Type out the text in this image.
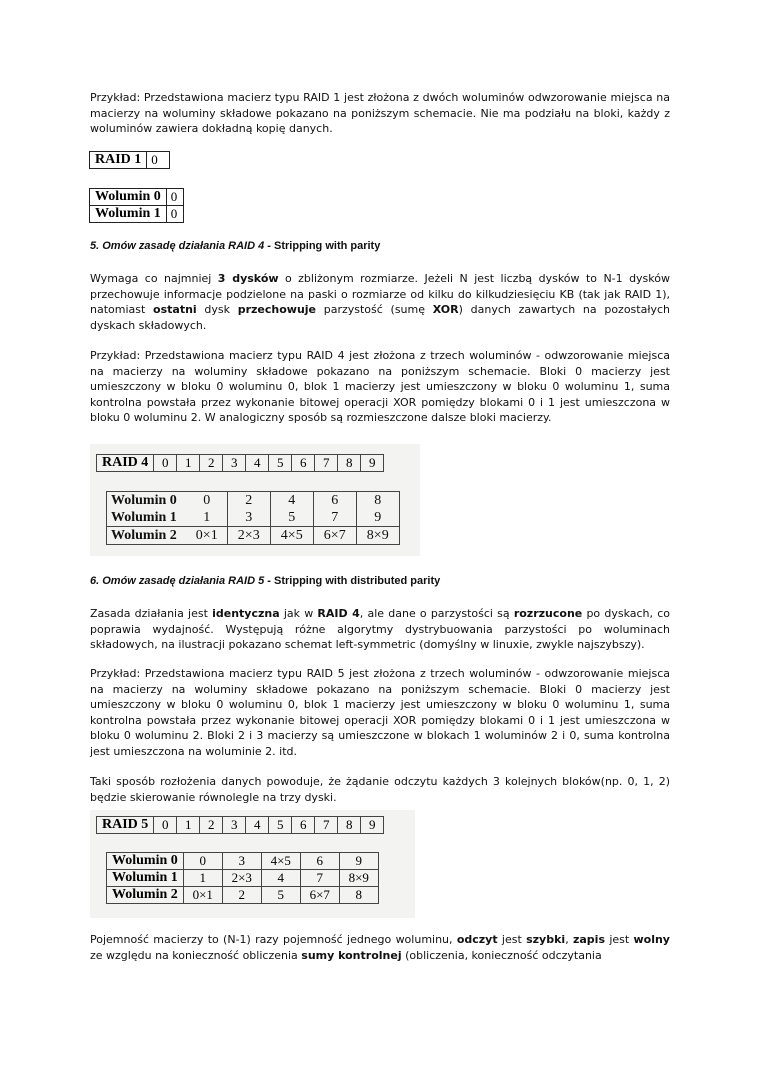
Przykład: Przedstawiona macierz typu RAID 1 jest złożona z dwóch woluminów odwzorowanie miejsca na macierzy na woluminy składowe pokazano na poniższym schemacie. Nie ma podziału na bloki, każdy z woluminów zawiera dokładną kopię danych.

RAID 1	0
Wolumin 0	0
Wolumin 1	0

5. Omów zasadę działania RAID 4 - Stripping with parity

Wymaga co najmniej 3 dysków o zbliżonym rozmiarze. Jeżeli N jest liczbą dysków to N-1 dysków przechowuje informacje podzielone na paski o rozmiarze od kilku do kilkudziesięciu KB (tak jak RAID 1), natomiast ostatni dysk przechowuje parzystość (sumę XOR) danych zawartych na pozostałych dyskach składowych.

Przykład: Przedstawiona macierz typu RAID 4 jest złożona z trzech woluminów - odwzorowanie miejsca na macierzy na woluminy składowe pokazano na poniższym schemacie. Bloki 0 macierzy jest umieszczony w bloku 0 woluminu 0, blok 1 macierzy jest umieszczony w bloku 0 woluminu 1, suma kontrolna powstała przez wykonanie bitowej operacji XOR pomiędzy blokami 0 i 1 jest umieszczona w bloku 0 woluminu 2. W analogiczny sposób są rozmieszczone dalsze bloki macierzy.

RAID 4	0	1	2	3	4	5	6	7	8	9
Wolumin 0	0	2	4	6	8
Wolumin 1	1	3	5	7	9
Wolumin 2	0×1	2×3	4×5	6×7	8×9

6. Omów zasadę działania RAID 5 - Stripping with distributed parity

Zasada działania jest identyczna jak w RAID 4, ale dane o parzystości są rozrzucone po dyskach, co poprawia wydajność. Występują różne algorytmy dystrybuowania parzystości po woluminach składowych, na ilustracji pokazano schemat left-symmetric (domyślny w linuxie, zwykle najszybszy).

Przykład: Przedstawiona macierz typu RAID 5 jest złożona z trzech woluminów - odwzorowanie miejsca na macierzy na woluminy składowe pokazano na poniższym schemacie. Bloki 0 macierzy jest umieszczony w bloku 0 woluminu 0, blok 1 macierzy jest umieszczony w bloku 0 woluminu 1, suma kontrolna powstała przez wykonanie bitowej operacji XOR pomiędzy blokami 0 i 1 jest umieszczona w bloku 0 woluminu 2. Bloki 2 i 3 macierzy są umieszczone w blokach 1 woluminów 2 i 0, suma kontrolna jest umieszczona na woluminie 2. itd.

Taki sposób rozłożenia danych powoduje, że żądanie odczytu każdych 3 kolejnych bloków(np. 0, 1, 2) będzie skierowanie równolegle na trzy dyski.

RAID 5	0	1	2	3	4	5	6	7	8	9
Wolumin 0	0	3	4×5	6	9
Wolumin 1	1	2×3	4	7	8×9
Wolumin 2	0×1	2	5	6×7	8

Pojemność macierzy to (N-1) razy pojemność jednego woluminu, odczyt jest szybki, zapis jest wolny ze względu na konieczność obliczenia sumy kontrolnej (obliczenia, konieczność odczytania
